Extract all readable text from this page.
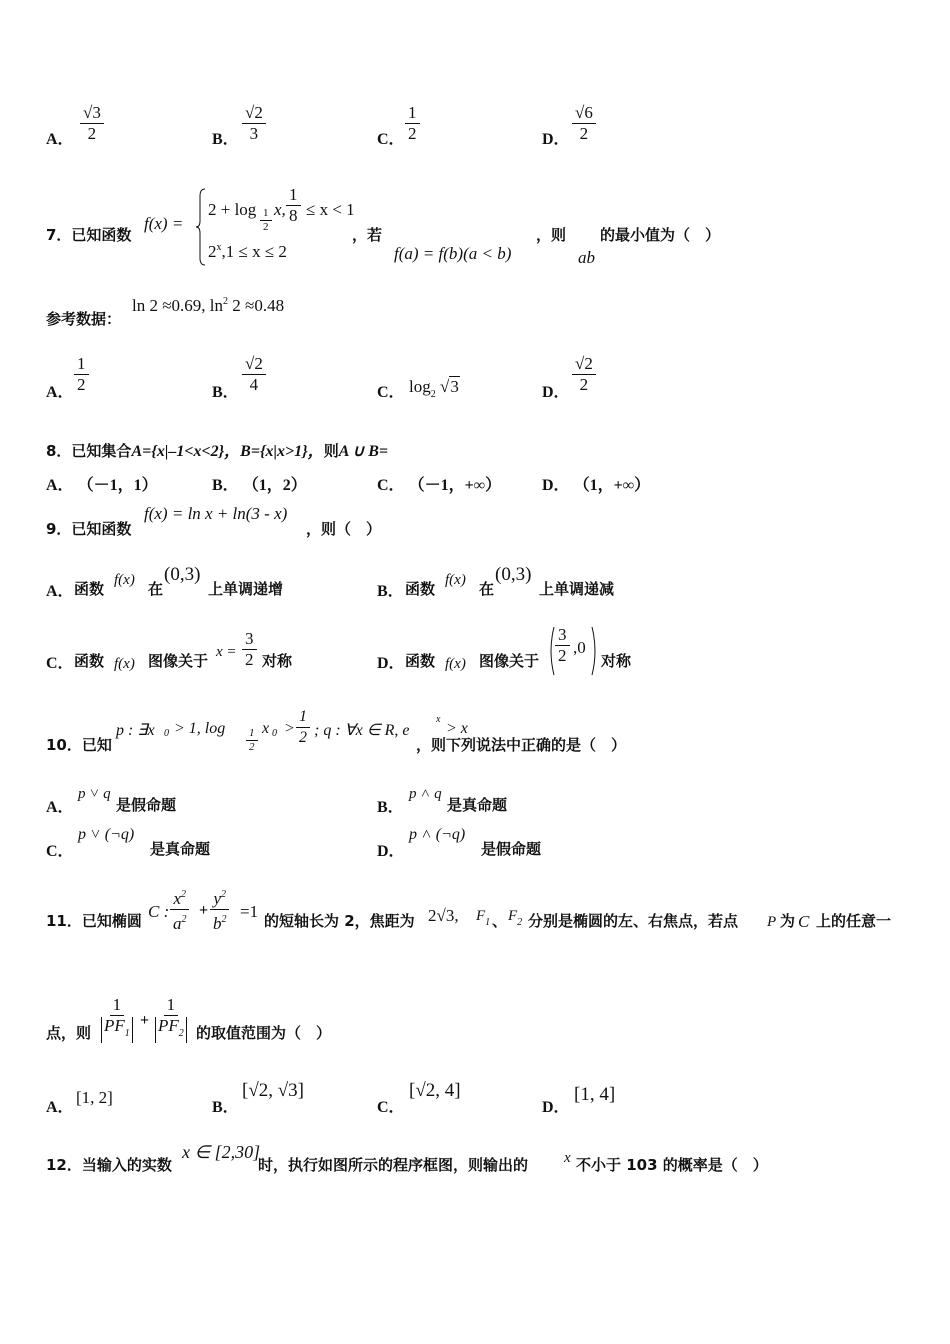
A． $\frac{√3}{2}$	B． $\frac{√2}{3}$	C． $\frac{1}{2}$	D． $\frac{√6}{2}$
7．已知函数
f(x) =
$2 + \log \frac{1}{2} x$, $\frac{1}{8} \le x < 1$
$2^x,1 \le x \le 2$
，若
f(a) = f(b)(a < b)
，则
ab
的最小值为（　）
参考数据：
ln 2 ≈0.69, $\ln^2 2 \approx 0.48$
A． $\frac{1}{2}$	B． $\frac{√2}{4}$	C． $\log_2 √3$	D． $\frac{√2}{2}$
8．已知集合A={x|–1<x<2}，B={x|x>1}，则A ∪ B=
A． （－1，1）	B． （1，2）	C． （－1，+∞）	D． （1，+∞）
9．已知函数
f(x) = ln x + ln(3 - x)
，则（　）
A． 函数 f(x) 在
(0,3)
上单调递增	B． 函数 f(x) 在
(0,3)
上单调递减
C． 函数 f(x) 图像关于 $x = \frac{3}{2}$ 对称	D． 函数 f(x) 图像关于 $\frac{3}{2} ,0$
对称
10．已知
p : ∃x 0 > 1, $\log \frac{1}{2}$ x $0 > \frac{1}{2}$ ; q : ∀x ∈ R, e
x
> x
，则下列说法中正确的是（　）
A．
p ˅ q
是假命题	B．
p ˄ q
是真命题
C．
p ˅ (¬q)
是真命题	D．
p ˄ (¬q)
是假命题
11．已知椭圆 C : $\frac{x^2}{a^2} + \frac{y^2}{b^2} =1$ 的短轴长为 2，焦距为 2√3, $F_1$ 、 $F_2$ 分别是椭圆的左、右焦点，若点 P 为 C 上的任意一
点，则 $\frac{1}{PF_1} + \frac{1}{PF_2}$ 的取值范围为（　）
A．
[1, 2]
B．
[√2, √3]
C．
[√2, 4]
D．
[1, 4]
12．当输入的实数
x ∈ [2,30]
时，执行如图所示的程序框图，则输出的 x 不小于 103 的概率是（　）
